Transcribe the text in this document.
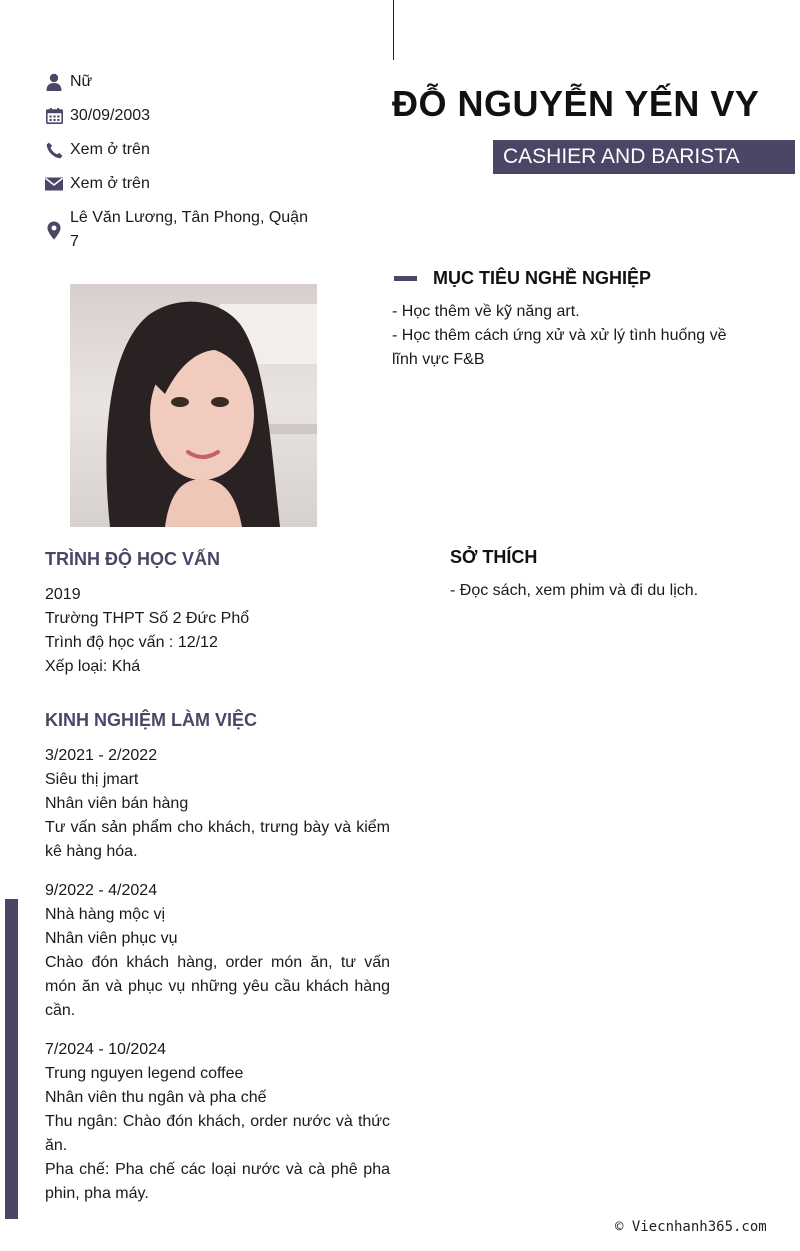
Nữ
30/09/2003
Xem ở trên
Xem ở trên
Lê Văn Lương, Tân Phong, Quận 7
ĐỖ NGUYỄN YẾN VY
CASHIER AND BARISTA
MỤC TIÊU NGHỀ NGHIỆP
- Học thêm về kỹ năng art.
- Học thêm cách ứng xử và xử lý tình huống về lĩnh vực F&B
TRÌNH ĐỘ HỌC VẤN
2019
Trường THPT Số 2 Đức Phổ
Trình độ học vấn : 12/12
Xếp loại: Khá
KINH NGHIỆM LÀM VIỆC
3/2021 - 2/2022
Siêu thị jmart
Nhân viên bán hàng
Tư vấn sản phẩm cho khách, trưng bày và kiểm kê hàng hóa.
9/2022 - 4/2024
Nhà hàng mộc vị
Nhân viên phục vụ
Chào đón khách hàng, order món ăn, tư vấn món ăn và phục vụ những yêu cầu khách hàng cần.
7/2024 - 10/2024
Trung nguyen legend coffee
Nhân viên thu ngân và pha chế
Thu ngân: Chào đón khách, order nước và thức ăn.
Pha chế: Pha chế các loại nước và cà phê pha phin, pha máy.
SỞ THÍCH
- Đọc sách, xem phim và đi du lịch.
© Viecnhanh365.com
